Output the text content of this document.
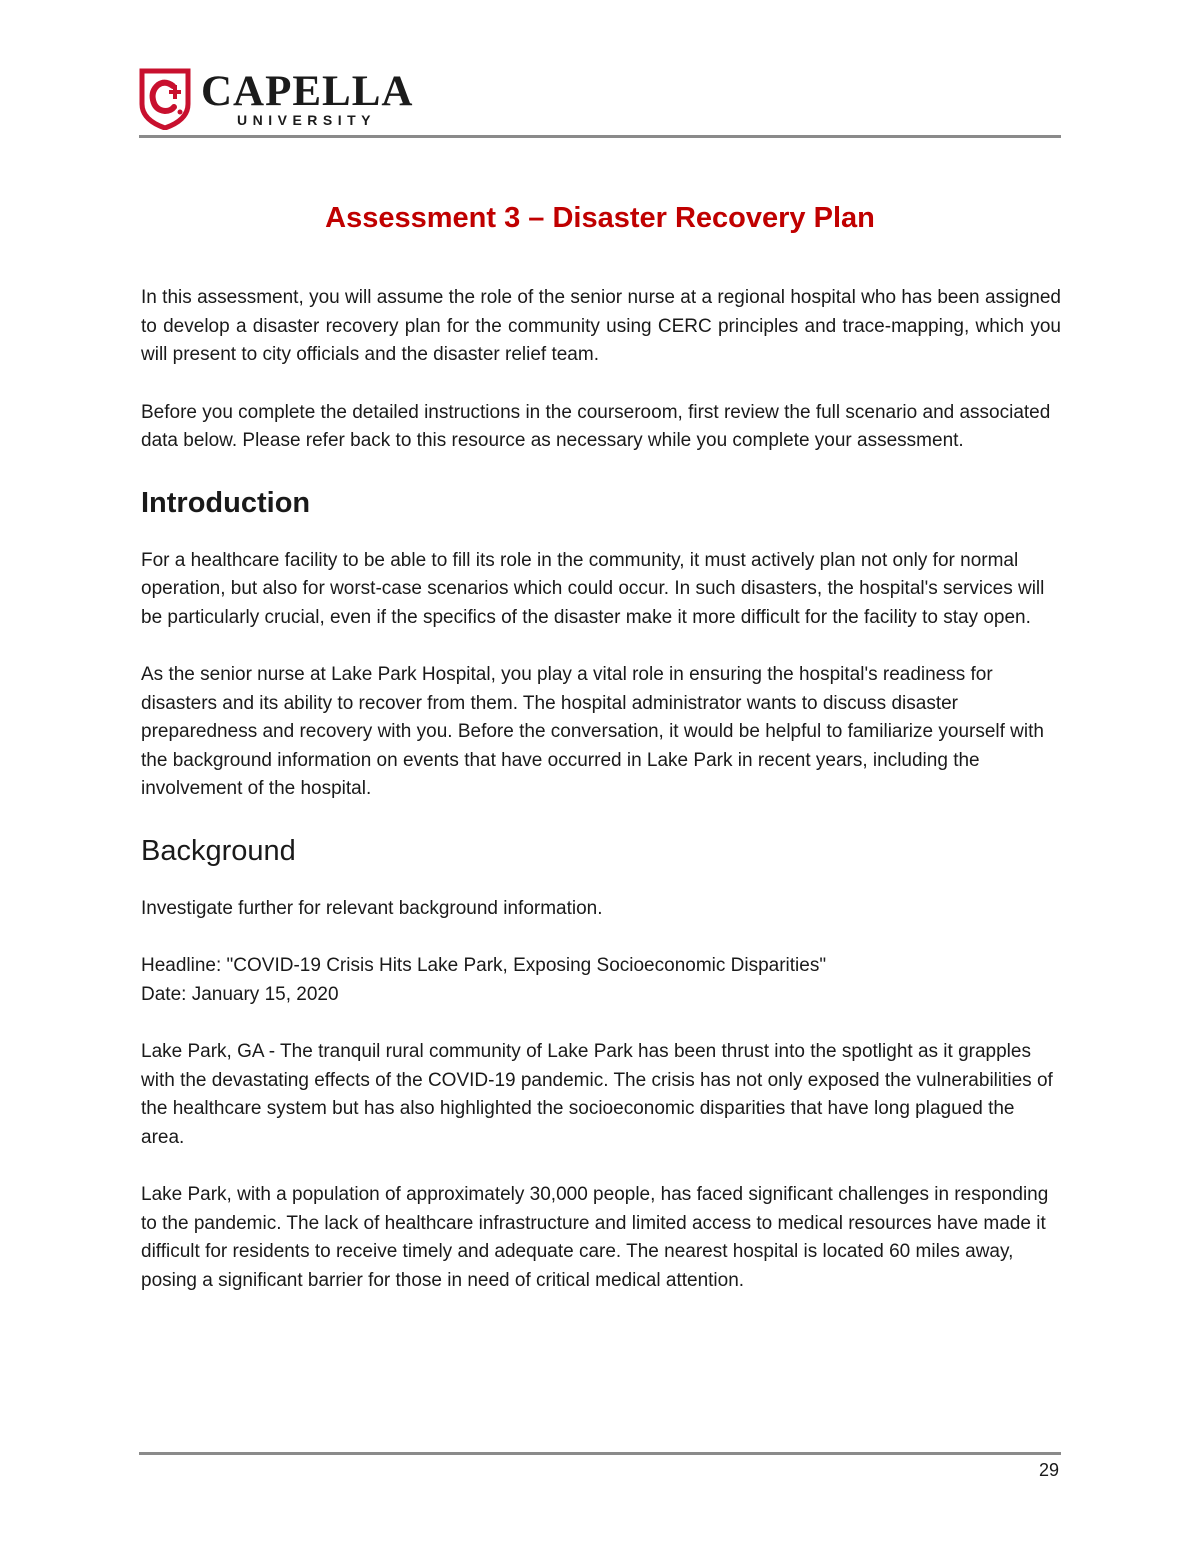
CAPELLA
UNIVERSITY
Assessment 3 – Disaster Recovery Plan

In this assessment, you will assume the role of the senior nurse at a regional hospital who has been assigned to develop a disaster recovery plan for the community using CERC principles and trace-mapping, which you will present to city officials and the disaster relief team.

Before you complete the detailed instructions in the courseroom, first review the full scenario and associated data below. Please refer back to this resource as necessary while you complete your assessment.

Introduction

For a healthcare facility to be able to fill its role in the community, it must actively plan not only for normal operation, but also for worst-case scenarios which could occur. In such disasters, the hospital's services will be particularly crucial, even if the specifics of the disaster make it more difficult for the facility to stay open.

As the senior nurse at Lake Park Hospital, you play a vital role in ensuring the hospital's readiness for disasters and its ability to recover from them. The hospital administrator wants to discuss disaster preparedness and recovery with you. Before the conversation, it would be helpful to familiarize yourself with the background information on events that have occurred in Lake Park in recent years, including the involvement of the hospital.

Background

Investigate further for relevant background information.

Headline: "COVID-19 Crisis Hits Lake Park, Exposing Socioeconomic Disparities"

Date: January 15, 2020

Lake Park, GA - The tranquil rural community of Lake Park has been thrust into the spotlight as it grapples with the devastating effects of the COVID-19 pandemic. The crisis has not only exposed the vulnerabilities of the healthcare system but has also highlighted the socioeconomic disparities that have long plagued the area.

Lake Park, with a population of approximately 30,000 people, has faced significant challenges in responding to the pandemic. The lack of healthcare infrastructure and limited access to medical resources have made it difficult for residents to receive timely and adequate care. The nearest hospital is located 60 miles away, posing a significant barrier for those in need of critical medical attention.

29
